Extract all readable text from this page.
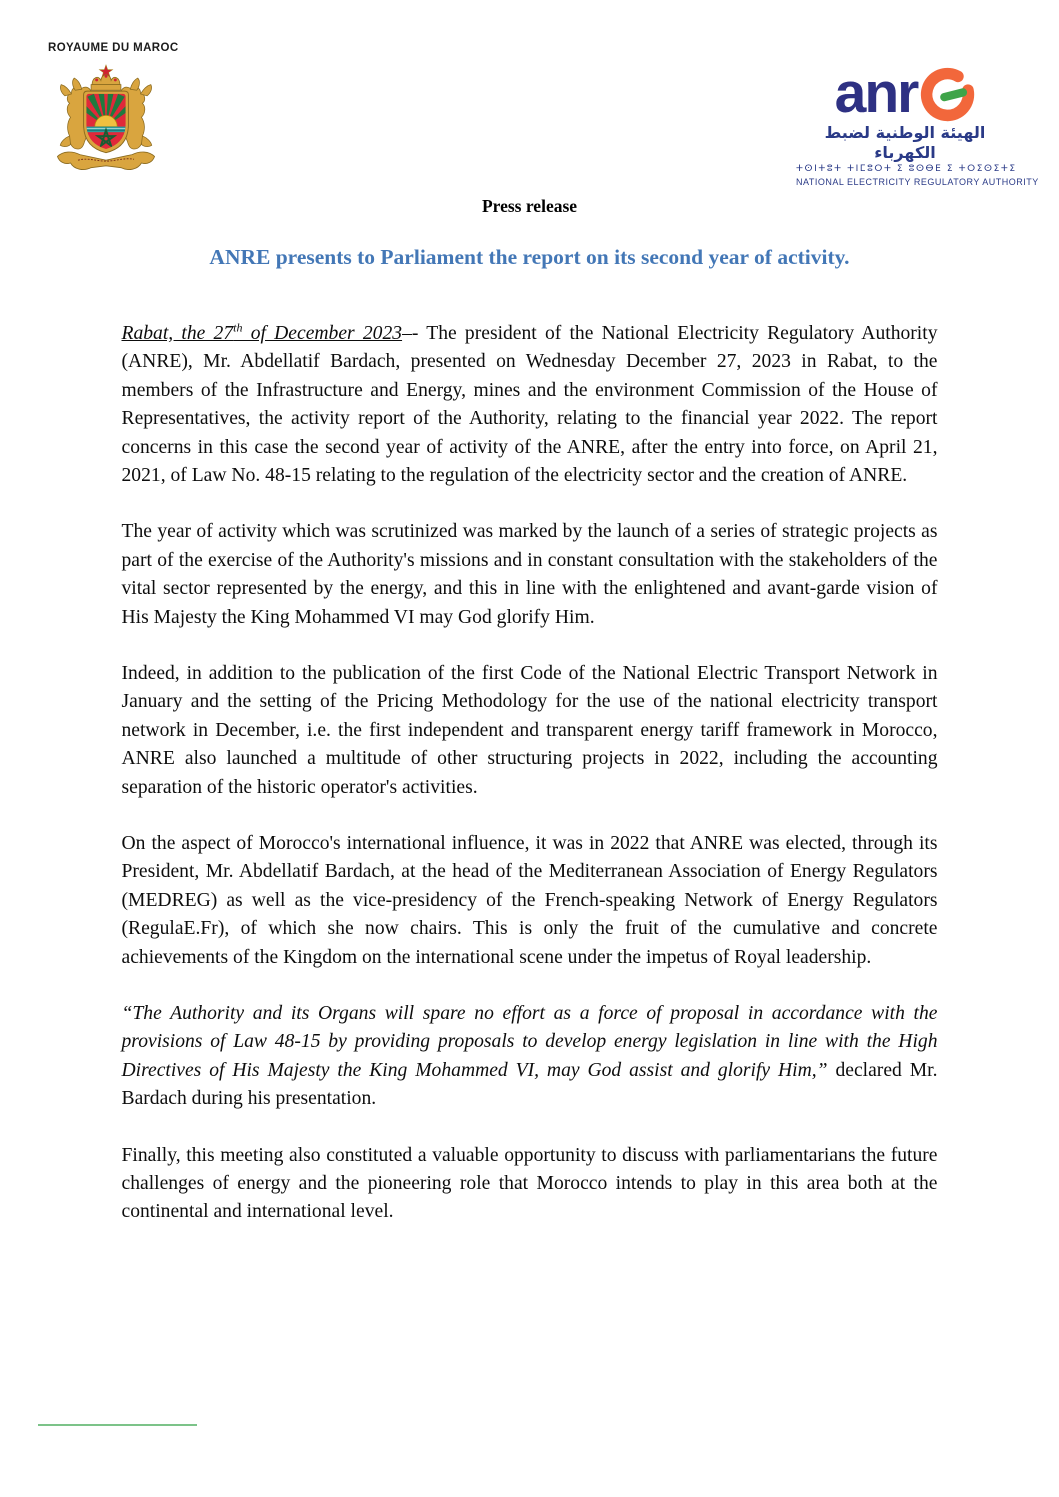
ROYAUME DU MAROC
anr
الهيئة الوطنية لضبط الكهرباء
ⵜⵙⵏⵜⵓⵜ ⵜⵏⵎⵓⵔⵜ ⵉ ⵓⵙⴱⴹ ⵉ ⵜⵔⵉⵙⵉⵜⵉ
NATIONAL ELECTRICITY REGULATORY AUTHORITY

Press release

ANRE presents to Parliament the report on its second year of activity.

Rabat, the 27th of December 2023–- The president of the National Electricity Regulatory Authority (ANRE), Mr. Abdellatif Bardach, presented on Wednesday December 27, 2023 in Rabat, to the members of the Infrastructure and Energy, mines and the environment Commission of the House of Representatives, the activity report of the Authority, relating to the financial year 2022. The report concerns in this case the second year of activity of the ANRE, after the entry into force, on April 21, 2021, of Law No. 48-15 relating to the regulation of the electricity sector and the creation of ANRE.

The year of activity which was scrutinized was marked by the launch of a series of strategic projects as part of the exercise of the Authority's missions and in constant consultation with the stakeholders of the vital sector represented by the energy, and this in line with the enlightened and avant-garde vision of His Majesty the King Mohammed VI may God glorify Him.

Indeed, in addition to the publication of the first Code of the National Electric Transport Network in January and the setting of the Pricing Methodology for the use of the national electricity transport network in December, i.e. the first independent and transparent energy tariff framework in Morocco, ANRE also launched a multitude of other structuring projects in 2022, including the accounting separation of the historic operator's activities.

On the aspect of Morocco's international influence, it was in 2022 that ANRE was elected, through its President, Mr. Abdellatif Bardach, at the head of the Mediterranean Association of Energy Regulators (MEDREG) as well as the vice-presidency of the French-speaking Network of Energy Regulators (RegulaE.Fr), of which she now chairs. This is only the fruit of the cumulative and concrete achievements of the Kingdom on the international scene under the impetus of Royal leadership.

“The Authority and its Organs will spare no effort as a force of proposal in accordance with the provisions of Law 48-15 by providing proposals to develop energy legislation in line with the High Directives of His Majesty the King Mohammed VI, may God assist and glorify Him,” declared Mr. Bardach during his presentation.

Finally, this meeting also constituted a valuable opportunity to discuss with parliamentarians the future challenges of energy and the pioneering role that Morocco intends to play in this area both at the continental and international level.
